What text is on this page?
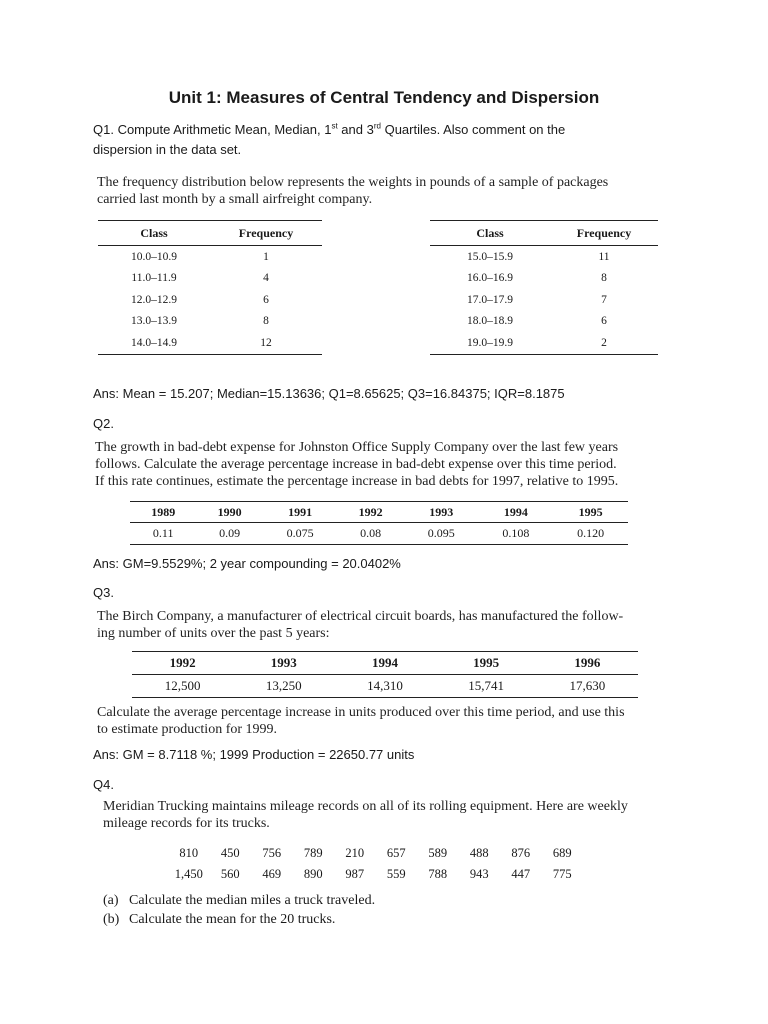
Unit 1: Measures of Central Tendency and Dispersion
Q1. Compute Arithmetic Mean, Median, 1st and 3rd Quartiles. Also comment on the
dispersion in the data set.
The frequency distribution below represents the weights in pounds of a sample of packages
carried last month by a small airfreight company.
Class	Frequency
10.0–10.9	1
11.0–11.9	4
12.0–12.9	6
13.0–13.9	8
14.0–14.9	12
Class	Frequency
15.0–15.9	11
16.0–16.9	8
17.0–17.9	7
18.0–18.9	6
19.0–19.9	2
Ans: Mean = 15.207; Median=15.13636; Q1=8.65625; Q3=16.84375; IQR=8.1875
Q2.
The growth in bad-debt expense for Johnston Office Supply Company over the last few years
follows. Calculate the average percentage increase in bad-debt expense over this time period.
If this rate continues, estimate the percentage increase in bad debts for 1997, relative to 1995.
1989	1990	1991	1992	1993	1994	1995
0.11	0.09	0.075	0.08	0.095	0.108	0.120
Ans: GM=9.5529%; 2 year compounding = 20.0402%
Q3.
The Birch Company, a manufacturer of electrical circuit boards, has manufactured the follow-
ing number of units over the past 5 years:
1992	1993	1994	1995	1996
12,500	13,250	14,310	15,741	17,630
Calculate the average percentage increase in units produced over this time period, and use this
to estimate production for 1999.
Ans: GM = 8.7118 %; 1999 Production = 22650.77 units
Q4.
Meridian Trucking maintains mileage records on all of its rolling equipment. Here are weekly
mileage records for its trucks.
810	450	756	789	210	657	589	488	876	689
1,450	560	469	890	987	559	788	943	447	775
(a) Calculate the median miles a truck traveled.
(b) Calculate the mean for the 20 trucks.
